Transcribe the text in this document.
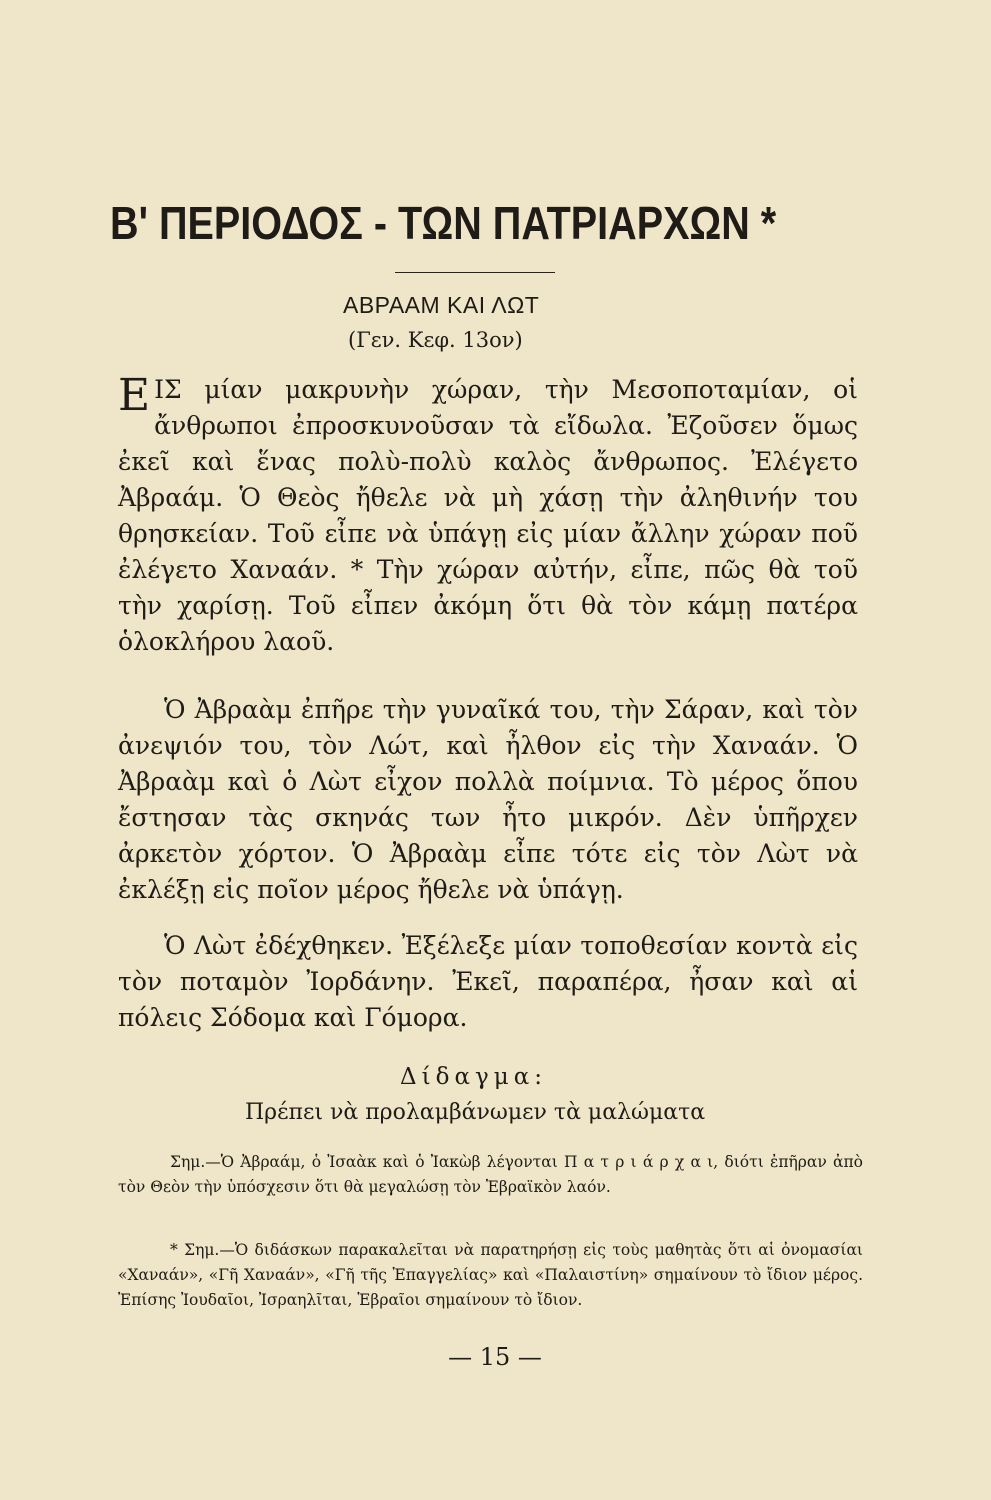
Β' ΠΕΡΙΟΔΟΣ - ΤΩΝ ΠΑΤΡΙΑΡΧΩΝ *
ΑΒΡΑΑΜ ΚΑΙ ΛΩΤ
(Γεν. Κεφ. 13ον)
ΕΙΣ μίαν μακρυνὴν χώραν, τὴν Μεσοποταμίαν, οἱ ἄνθρωποι ἐπροσκυνοῦσαν τὰ εἴδωλα. Ἐζοῦσεν ὅμως ἐκεῖ καὶ ἕνας πολὺ-πολὺ καλὸς ἄνθρωπος. Ἐλέγετο Ἀβραάμ. Ὁ Θεὸς ἤθελε νὰ μὴ χάσῃ τὴν ἀληθινήν του θρησκείαν. Τοῦ εἶπε νὰ ὑπάγῃ εἰς μίαν ἄλλην χώραν ποῦ ἐλέγετο Χαναάν. * Τὴν χώραν αὐτήν, εἶπε, πῶς θὰ τοῦ τὴν χαρίσῃ. Τοῦ εἶπεν ἀκόμη ὅτι θὰ τὸν κάμῃ πατέρα ὁλοκλήρου λαοῦ.
Ὁ Ἀβραὰμ ἐπῆρε τὴν γυναῖκά του, τὴν Σάραν, καὶ τὸν ἀνεψιόν του, τὸν Λώτ, καὶ ἦλθον εἰς τὴν Χαναάν. Ὁ Ἀβραὰμ καὶ ὁ Λὼτ εἶχον πολλὰ ποίμνια. Τὸ μέρος ὅπου ἔστησαν τὰς σκηνάς των ἦτο μικρόν. Δὲν ὑπῆρχεν ἀρκετὸν χόρτον. Ὁ Ἀβραὰμ εἶπε τότε εἰς τὸν Λὼτ νὰ ἐκλέξῃ εἰς ποῖον μέρος ἤθελε νὰ ὑπάγῃ.
Ὁ Λὼτ ἐδέχθηκεν. Ἐξέλεξε μίαν τοποθεσίαν κοντὰ εἰς τὸν ποταμὸν Ἰορδάνην. Ἐκεῖ, παραπέρα, ἦσαν καὶ αἱ πόλεις Σόδομα καὶ Γόμορα.
Δίδαγμα:
Πρέπει νὰ προλαμβάνωμεν τὰ μαλώματα

Σημ.—Ὁ Ἀβραάμ, ὁ Ἰσαὰκ καὶ ὁ Ἰακὼβ λέγονται Π α τ ρ ι ά ρ χ α ι, διότι ἐπῆραν ἀπὸ τὸν Θεὸν τὴν ὑπόσχεσιν ὅτι θὰ μεγαλώσῃ τὸν Ἑβραϊκὸν λαόν.

* Σημ.—Ὁ διδάσκων παρακαλεῖται νὰ παρατηρήσῃ εἰς τοὺς μαθητὰς ὅτι αἱ ὀνομασίαι «Χαναάν», «Γῆ Χαναάν», «Γῆ τῆς Ἐπαγγελίας» καὶ «Παλαιστίνη» σημαίνουν τὸ ἴδιον μέρος. Ἐπίσης Ἰουδαῖοι, Ἰσραηλῖται, Ἑβραῖοι σημαίνουν τὸ ἴδιον.

— 15 —
